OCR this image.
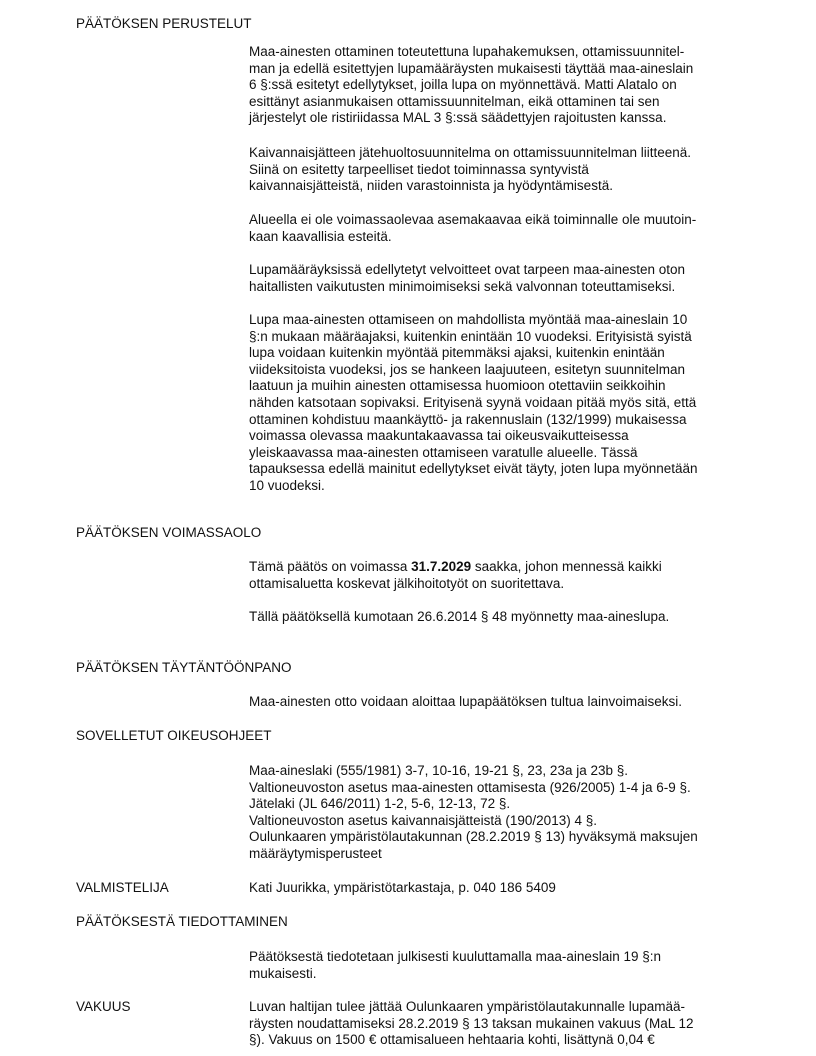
PÄÄTÖKSEN PERUSTELUT
Maa-ainesten ottaminen toteutettuna lupahakemuksen, ottamissuunnitel-
man ja edellä esitettyjen lupamääräysten mukaisesti täyttää maa-aineslain
6 §:ssä esitetyt edellytykset, joilla lupa on myönnettävä. Matti Alatalo on
esittänyt asianmukaisen ottamissuunnitelman, eikä ottaminen tai sen
järjestelyt ole ristiriidassa MAL 3 §:ssä säädettyjen rajoitusten kanssa.
Kaivannaisjätteen jätehuoltosuunnitelma on ottamissuunnitelman liitteenä.
Siinä on esitetty tarpeelliset tiedot toiminnassa syntyvistä
kaivannaisjätteistä, niiden varastoinnista ja hyödyntämisestä.
Alueella ei ole voimassaolevaa asemakaavaa eikä toiminnalle ole muutoin-
kaan kaavallisia esteitä.
Lupamääräyksissä edellytetyt velvoitteet ovat tarpeen maa-ainesten oton
haitallisten vaikutusten minimoimiseksi sekä valvonnan toteuttamiseksi.
Lupa maa-ainesten ottamiseen on mahdollista myöntää maa-aineslain 10
§:n mukaan määräajaksi, kuitenkin enintään 10 vuodeksi. Erityisistä syistä
lupa voidaan kuitenkin myöntää pitemmäksi ajaksi, kuitenkin enintään
viideksitoista vuodeksi, jos se hankeen laajuuteen, esitetyn suunnitelman
laatuun ja muihin ainesten ottamisessa huomioon otettaviin seikkoihin
nähden katsotaan sopivaksi. Erityisenä syynä voidaan pitää myös sitä, että
ottaminen kohdistuu maankäyttö- ja rakennuslain (132/1999) mukaisessa
voimassa olevassa maakuntakaavassa tai oikeusvaikutteisessa
yleiskaavassa maa-ainesten ottamiseen varatulle alueelle. Tässä
tapauksessa edellä mainitut edellytykset eivät täyty, joten lupa myönnetään
10 vuodeksi.
PÄÄTÖKSEN VOIMASSAOLO
Tämä päätös on voimassa 31.7.2029 saakka, johon mennessä kaikki
ottamisaluetta koskevat jälkihoitotyöt on suoritettava.
Tällä päätöksellä kumotaan 26.6.2014 § 48 myönnetty maa-aineslupa.
PÄÄTÖKSEN TÄYTÄNTÖÖNPANO
Maa-ainesten otto voidaan aloittaa lupapäätöksen tultua lainvoimaiseksi.
SOVELLETUT OIKEUSOHJEET
Maa-aineslaki (555/1981) 3-7, 10-16, 19-21 §, 23, 23a ja 23b §.
Valtioneuvoston asetus maa-ainesten ottamisesta (926/2005) 1-4 ja 6-9 §.
Jätelaki (JL 646/2011) 1-2, 5-6, 12-13, 72 §.
Valtioneuvoston asetus kaivannaisjätteistä (190/2013) 4 §.
Oulunkaaren ympäristölautakunnan (28.2.2019 § 13) hyväksymä maksujen
määräytymisperusteet
VALMISTELIJA	Kati Juurikka, ympäristötarkastaja, p. 040 186 5409
PÄÄTÖKSESTÄ TIEDOTTAMINEN
Päätöksestä tiedotetaan julkisesti kuuluttamalla maa-aineslain 19 §:n
mukaisesti.
VAKUUS	Luvan haltijan tulee jättää Oulunkaaren ympäristölautakunnalle lupamää-
räysten noudattamiseksi 28.2.2019 § 13 taksan mukainen vakuus (MaL 12
§). Vakuus on 1500 € ottamisalueen hehtaaria kohti, lisättynä 0,04 €
